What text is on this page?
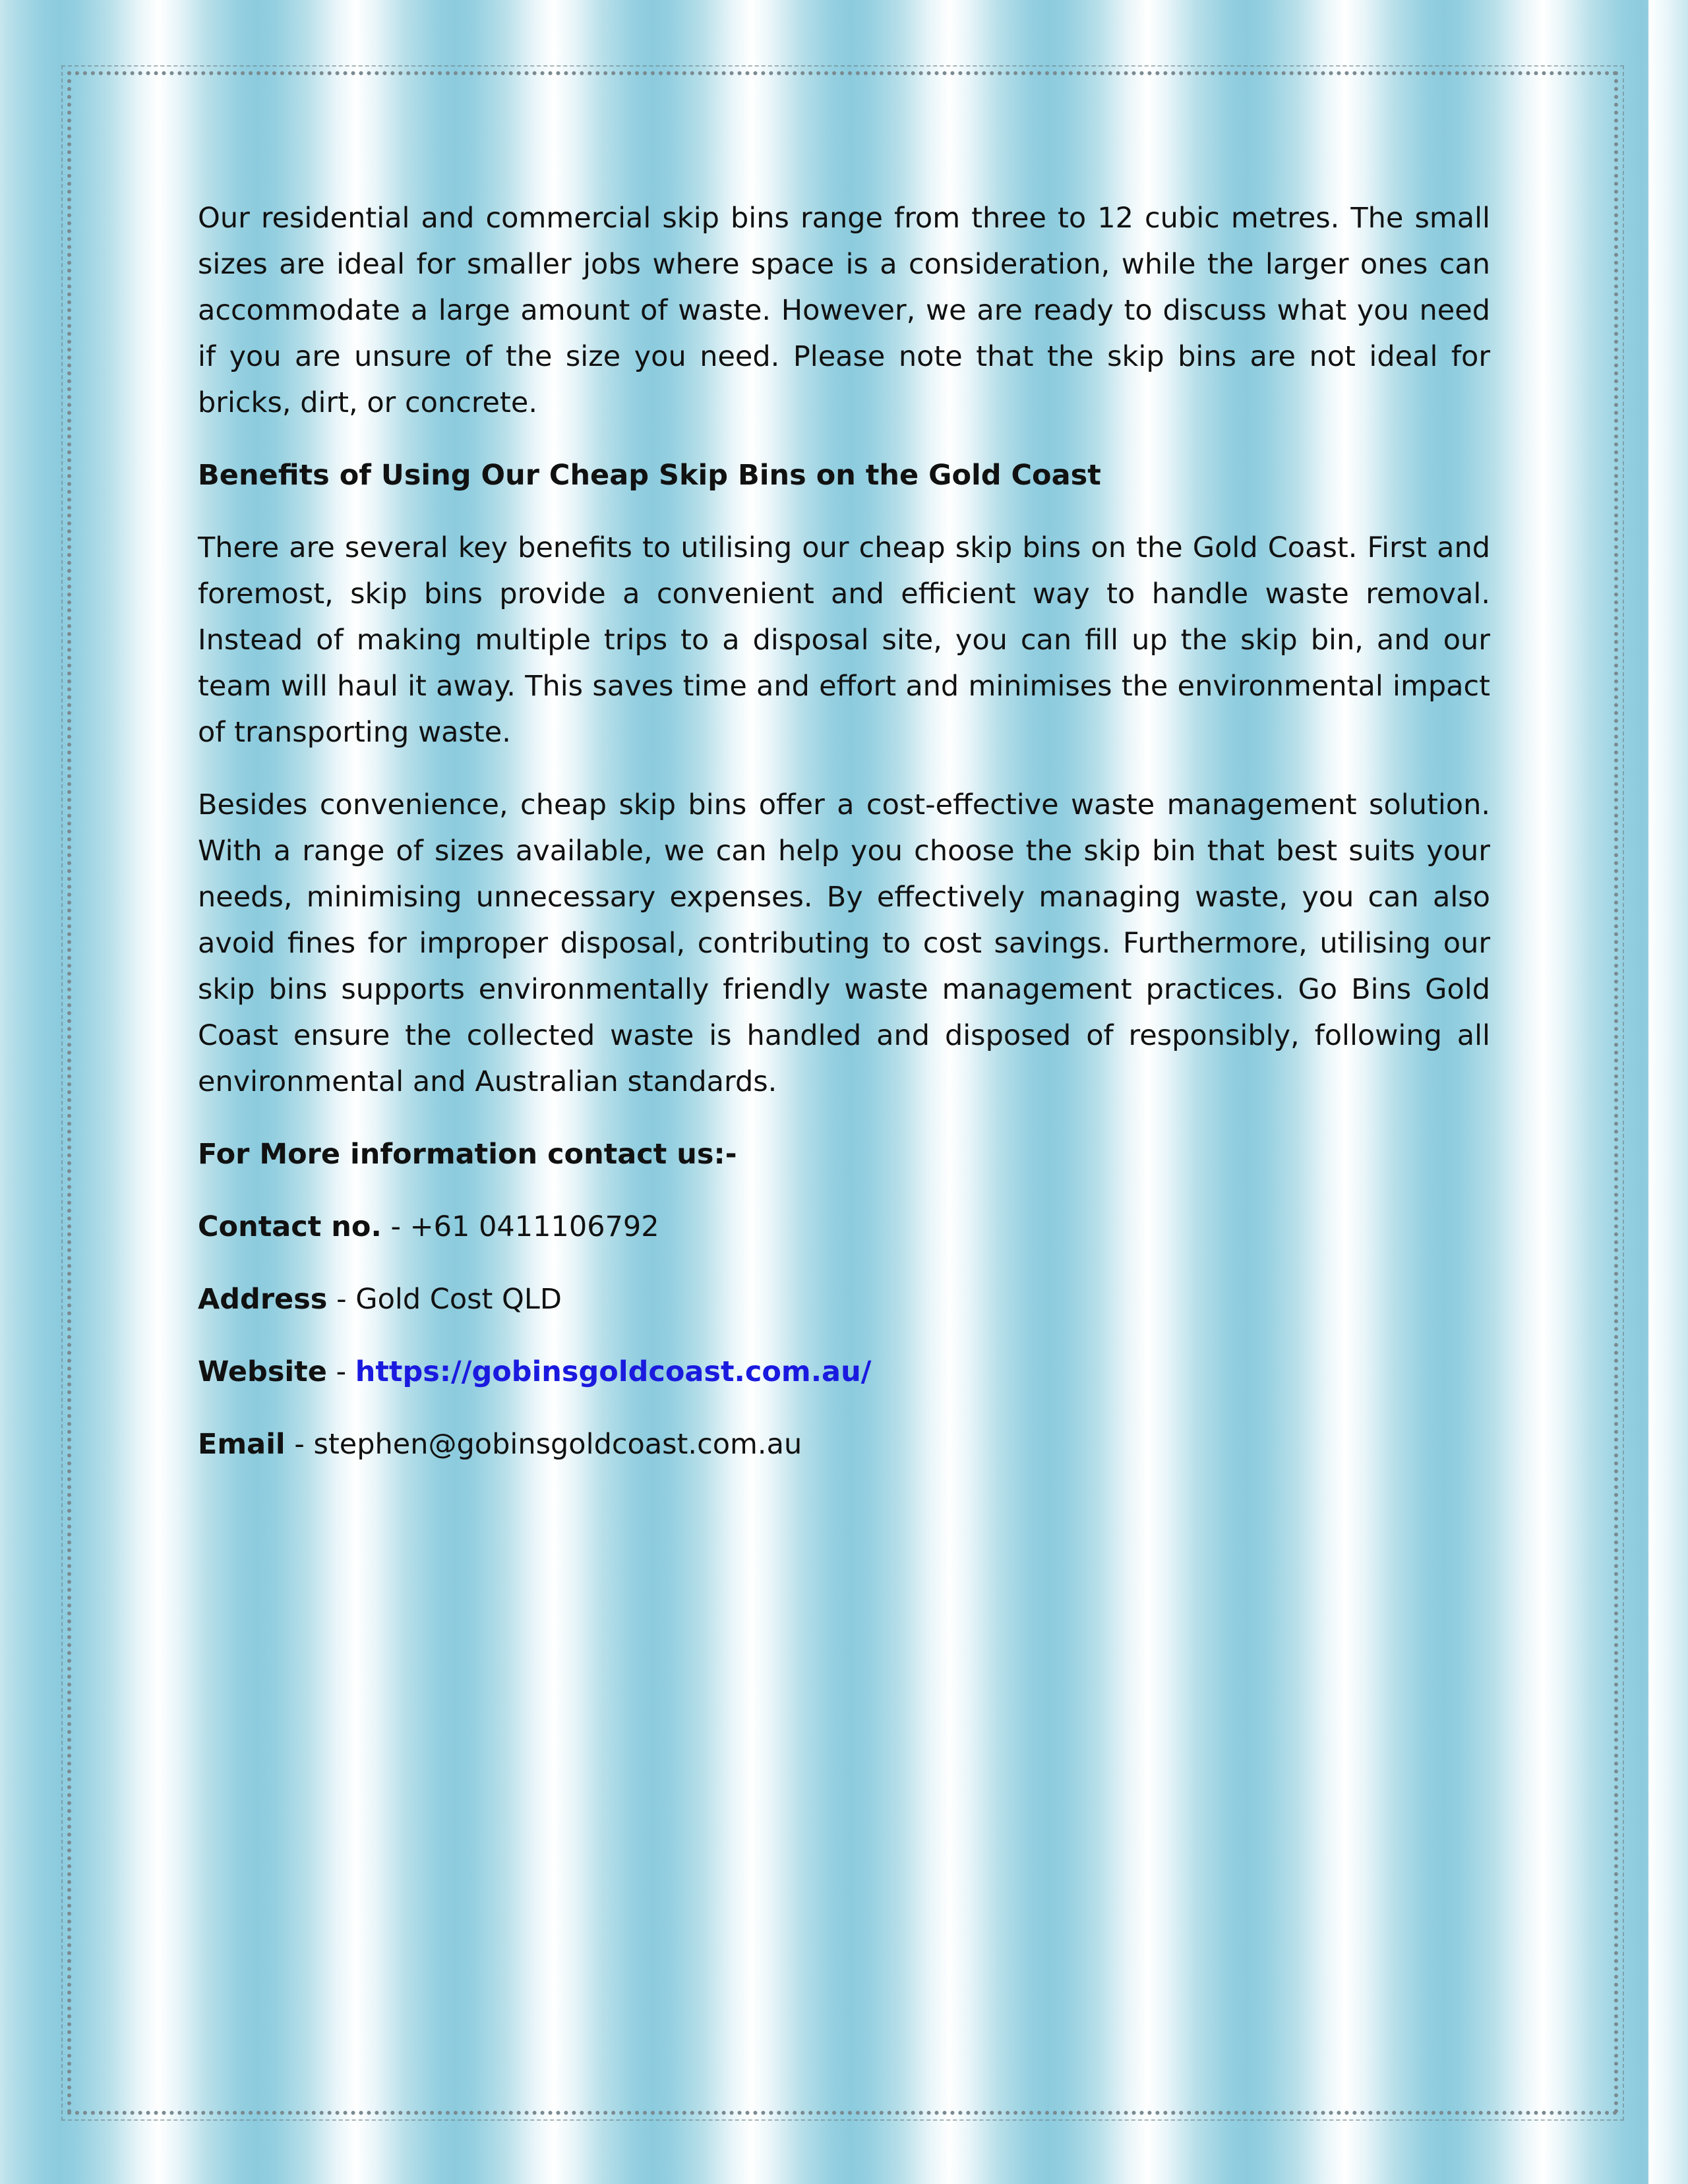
Our residential and commercial skip bins range from three to 12 cubic metres. The small sizes are ideal for smaller jobs where space is a consideration, while the larger ones can accommodate a large amount of waste. However, we are ready to discuss what you need if you are unsure of the size you need. Please note that the skip bins are not ideal for bricks, dirt, or concrete.

Benefits of Using Our Cheap Skip Bins on the Gold Coast

There are several key benefits to utilising our cheap skip bins on the Gold Coast. First and foremost, skip bins provide a convenient and efficient way to handle waste removal. Instead of making multiple trips to a disposal site, you can fill up the skip bin, and our team will haul it away. This saves time and effort and minimises the environmental impact of transporting waste.

Besides convenience, cheap skip bins offer a cost-effective waste management solution. With a range of sizes available, we can help you choose the skip bin that best suits your needs, minimising unnecessary expenses. By effectively managing waste, you can also avoid fines for improper disposal, contributing to cost savings. Furthermore, utilising our skip bins supports environmentally friendly waste management practices. Go Bins Gold Coast ensure the collected waste is handled and disposed of responsibly, following all environmental and Australian standards.

For More information contact us:-

Contact no. - +61 0411106792

Address - Gold Cost QLD

Website - https://gobinsgoldcoast.com.au/

Email - stephen@gobinsgoldcoast.com.au
